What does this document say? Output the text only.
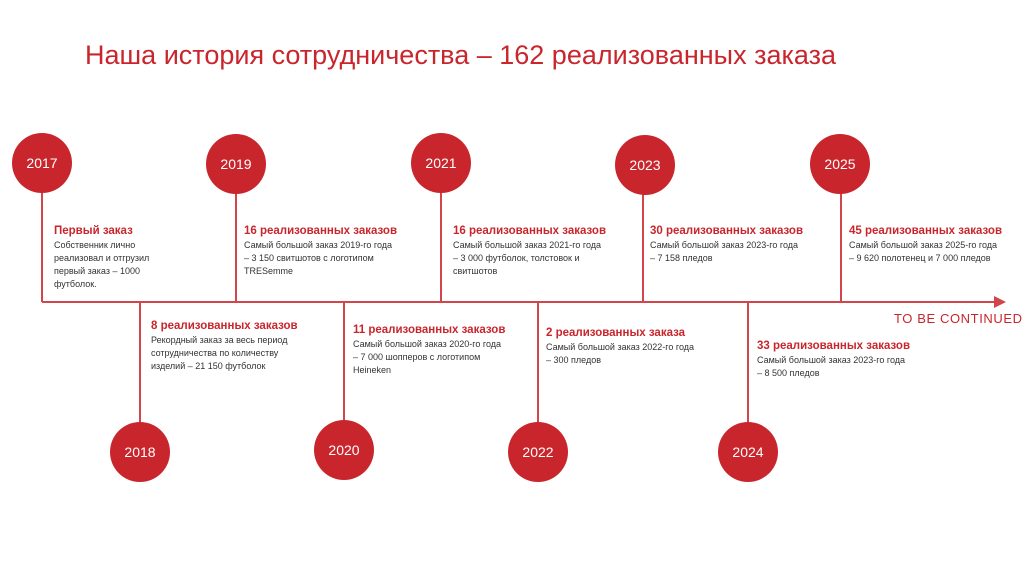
Наша история сотрудничества – 162 реализованных заказа
TO BE CONTINUED
2017
Первый заказ
Собственник лично
реализовал и отгрузил
первый заказ – 1000
футболок.
2019
16 реализованных заказов
Самый большой заказ 2019-го года
– 3 150 свитшотов с логотипом
TRESemme
2021
16 реализованных заказов
Самый большой заказ 2021-го года
– 3 000 футболок, толстовок и
свитшотов
2023
30 реализованных заказов
Самый большой заказ 2023-го года
– 7 158 пледов
2025
45 реализованных заказов
Самый большой заказ 2025-го года
– 9 620 полотенец и 7 000 пледов
2018
8 реализованных заказов
Рекордный заказ за весь период
сотрудничества по количеству
изделий – 21 150 футболок
2020
11 реализованных заказов
Самый большой заказ 2020-го года
– 7 000 шопперов с логотипом
Heineken
2022
2 реализованных заказа
Самый большой заказ 2022-го года
– 300 пледов
2024
33 реализованных заказов
Самый большой заказ 2023-го года
– 8 500 пледов
